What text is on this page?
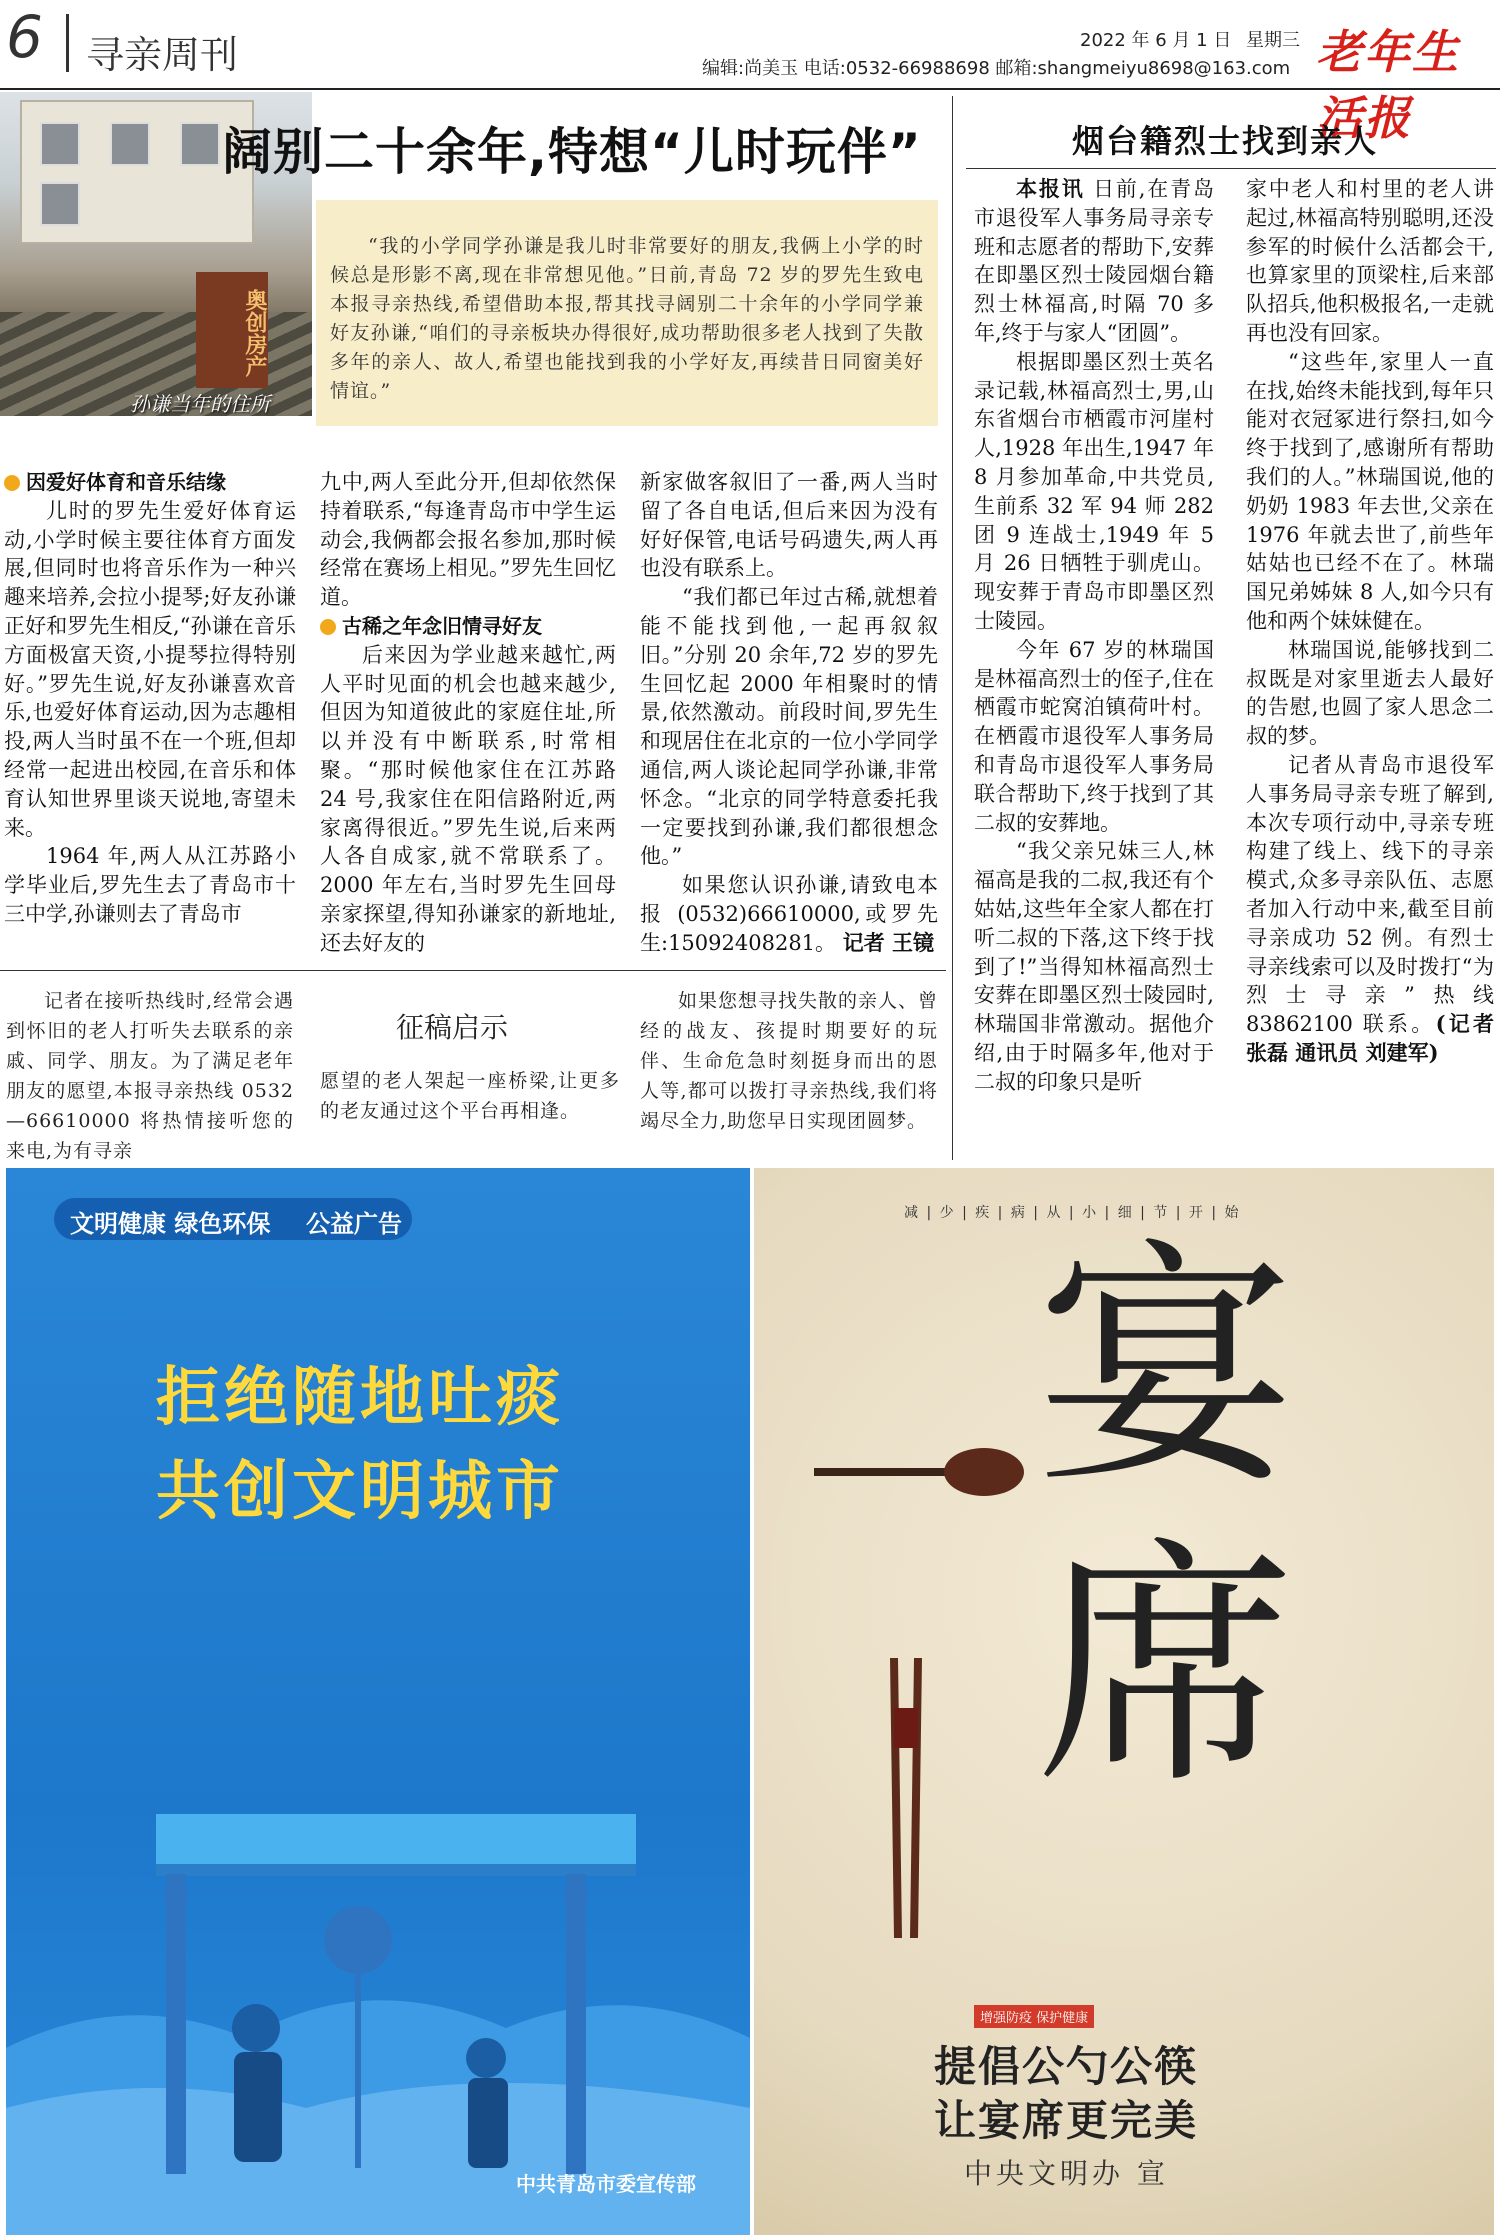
6 寻亲周刊	2022 年 6 月 1 日 星期三
编辑:尚美玉 电话:0532-66988698 邮箱:shangmeiyu8698@163.com 老年生活报
奥创房产
孙谦当年的住所
阔别二十余年,特想“儿时玩伴”
“我的小学同学孙谦是我儿时非常要好的朋友,我俩上小学的时候总是形影不离,现在非常想见他。”日前,青岛 72 岁的罗先生致电本报寻亲热线,希望借助本报,帮其找寻阔别二十余年的小学同学兼好友孙谦,“咱们的寻亲板块办得很好,成功帮助很多老人找到了失散多年的亲人、故人,希望也能找到我的小学好友,再续昔日同窗美好情谊。”

因爱好体育和音乐结缘

儿时的罗先生爱好体育运动,小学时候主要往体育方面发展,但同时也将音乐作为一种兴趣来培养,会拉小提琴;好友孙谦正好和罗先生相反,“孙谦在音乐方面极富天资,小提琴拉得特别好。”罗先生说,好友孙谦喜欢音乐,也爱好体育运动,因为志趣相投,两人当时虽不在一个班,但却经常一起进出校园,在音乐和体育认知世界里谈天说地,寄望未来。

1964 年,两人从江苏路小学毕业后,罗先生去了青岛市十三中学,孙谦则去了青岛市

九中,两人至此分开,但却依然保持着联系,“每逢青岛市中学生运动会,我俩都会报名参加,那时候经常在赛场上相见。”罗先生回忆道。

古稀之年念旧情寻好友

后来因为学业越来越忙,两人平时见面的机会也越来越少,但因为知道彼此的家庭住址,所以并没有中断联系,时常相聚。“那时候他家住在江苏路 24 号,我家住在阳信路附近,两家离得很近。”罗先生说,后来两人各自成家,就不常联系了。2000 年左右,当时罗先生回母亲家探望,得知孙谦家的新地址,还去好友的

新家做客叙旧了一番,两人当时留了各自电话,但后来因为没有好好保管,电话号码遗失,两人再也没有联系上。

“我们都已年过古稀,就想着能不能找到他,一起再叙叙旧。”分别 20 余年,72 岁的罗先生回忆起 2000 年相聚时的情景,依然激动。前段时间,罗先生和现居住在北京的一位小学同学通信,两人谈论起同学孙谦,非常怀念。“北京的同学特意委托我一定要找到孙谦,我们都很想念他。”

如果您认识孙谦,请致电本报 (0532)66610000,或罗先生:15092408281。 记者 王镜

烟台籍烈士找到亲人

本报讯 日前,在青岛市退役军人事务局寻亲专班和志愿者的帮助下,安葬在即墨区烈士陵园烟台籍烈士林福高,时隔 70 多年,终于与家人“团圆”。

根据即墨区烈士英名录记载,林福高烈士,男,山东省烟台市栖霞市河崖村人,1928 年出生,1947 年 8 月参加革命,中共党员,生前系 32 军 94 师 282 团 9 连战士,1949 年 5 月 26 日牺牲于驯虎山。现安葬于青岛市即墨区烈士陵园。

今年 67 岁的林瑞国是林福高烈士的侄子,住在栖霞市蛇窝泊镇荷叶村。在栖霞市退役军人事务局和青岛市退役军人事务局联合帮助下,终于找到了其二叔的安葬地。

“我父亲兄妹三人,林福高是我的二叔,我还有个姑姑,这些年全家人都在打听二叔的下落,这下终于找到了!”当得知林福高烈士安葬在即墨区烈士陵园时,林瑞国非常激动。据他介绍,由于时隔多年,他对于二叔的印象只是听

家中老人和村里的老人讲起过,林福高特别聪明,还没参军的时候什么活都会干,也算家里的顶梁柱,后来部队招兵,他积极报名,一走就再也没有回家。

“这些年,家里人一直在找,始终未能找到,每年只能对衣冠冢进行祭扫,如今终于找到了,感谢所有帮助我们的人。”林瑞国说,他的奶奶 1983 年去世,父亲在 1976 年就去世了,前些年姑姑也已经不在了。林瑞国兄弟姊妹 8 人,如今只有他和两个妹妹健在。

林瑞国说,能够找到二叔既是对家里逝去人最好的告慰,也圆了家人思念二叔的梦。

记者从青岛市退役军人事务局寻亲专班了解到,本次专项行动中,寻亲专班构建了线上、线下的寻亲模式,众多寻亲队伍、志愿者加入行动中来,截至目前寻亲成功 52 例。有烈士寻亲线索可以及时拨打“为烈士寻亲”热线 83862100 联系。(记者 张磊 通讯员 刘建军)

记者在接听热线时,经常会遇到怀旧的老人打听失去联系的亲戚、同学、朋友。为了满足老年朋友的愿望,本报寻亲热线 0532—66610000 将热情接听您的来电,为有寻亲
征稿启示
愿望的老人架起一座桥梁,让更多的老友通过这个平台再相逢。
如果您想寻找失散的亲人、曾经的战友、孩提时期要好的玩伴、生命危急时刻挺身而出的恩人等,都可以拨打寻亲热线,我们将竭尽全力,助您早日实现团圆梦。
文明健康 绿色环保 公益广告
拒绝随地吐痰
共创文明城市
中共青岛市委宣传部
减 | 少 | 疾 | 病 | 从 | 小 | 细 | 节 | 开 | 始
宴
席
增强防疫 保护健康
提倡公勺公筷
让宴席更完美
中央文明办 宣
